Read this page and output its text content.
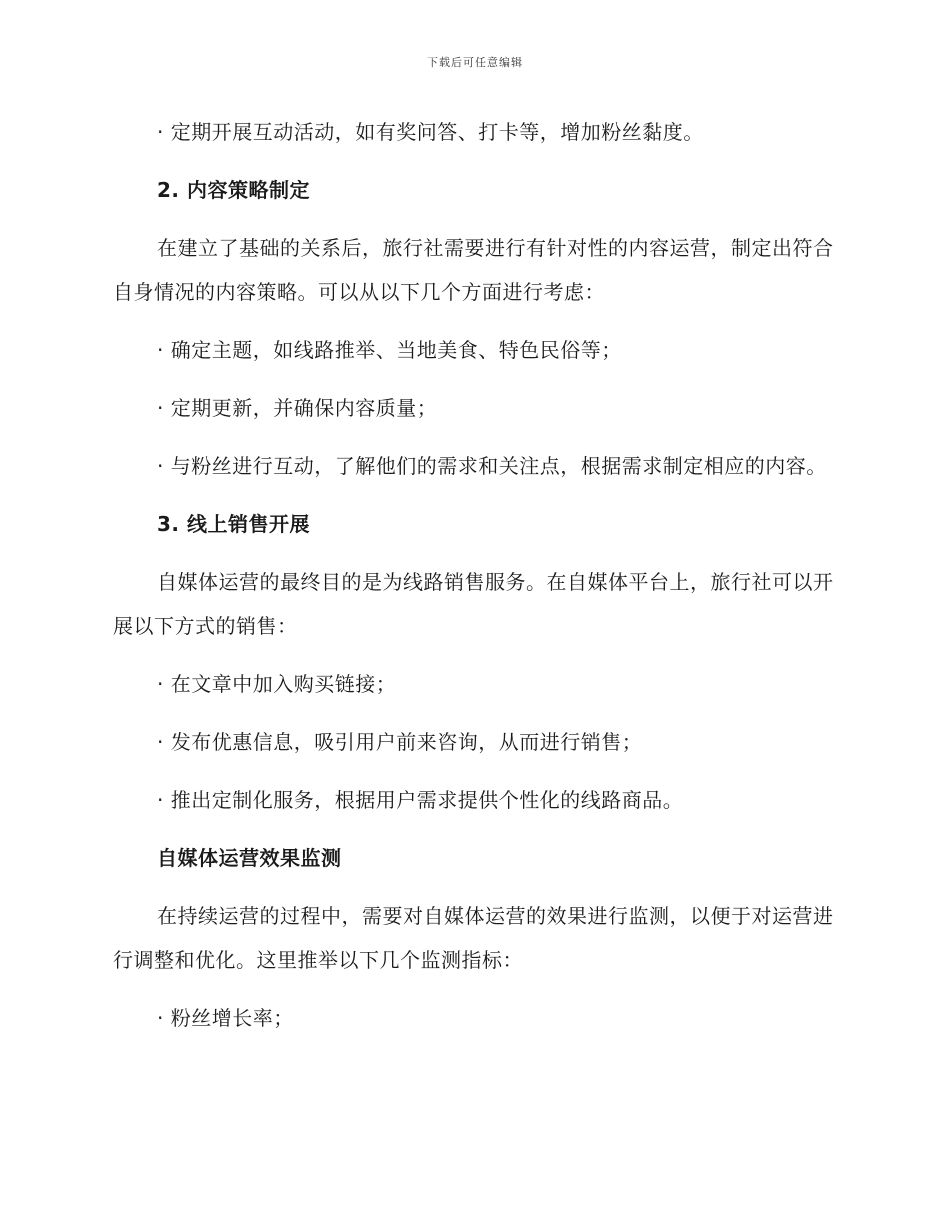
下载后可任意编辑
· 定期开展互动活动，如有奖问答、打卡等，增加粉丝黏度。
2. 内容策略制定
在建立了基础的关系后，旅行社需要进行有针对性的内容运营，制定出符合自身情况的内容策略。可以从以下几个方面进行考虑：
· 确定主题，如线路推举、当地美食、特色民俗等；
· 定期更新，并确保内容质量；
· 与粉丝进行互动，了解他们的需求和关注点，根据需求制定相应的内容。
3. 线上销售开展
自媒体运营的最终目的是为线路销售服务。在自媒体平台上，旅行社可以开展以下方式的销售：
· 在文章中加入购买链接；
· 发布优惠信息，吸引用户前来咨询，从而进行销售；
· 推出定制化服务，根据用户需求提供个性化的线路商品。
自媒体运营效果监测
在持续运营的过程中，需要对自媒体运营的效果进行监测，以便于对运营进行调整和优化。这里推举以下几个监测指标：
· 粉丝增长率；
